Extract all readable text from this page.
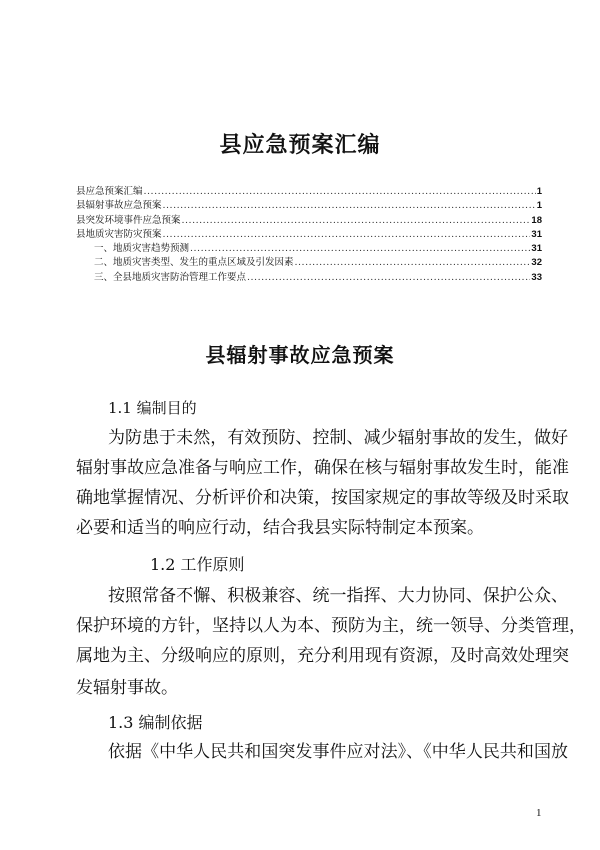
县应急预案汇编
县应急预案汇编 .....	1
县辐射事故应急预案 .....	1
县突发环境事件应急预案 .....	18
县地质灾害防灾预案 .....	31
一、地质灾害趋势预测 .....	31
二、地质灾害类型、发生的重点区域及引发因素 .....	32
三、全县地质灾害防治管理工作要点 .....	33
县辐射事故应急预案
1.1 编制目的
为防患于未然，有效预防、控制、减少辐射事故的发生，做好
辐射事故应急准备与响应工作，确保在核与辐射事故发生时，能准
确地掌握情况、分析评价和决策，按国家规定的事故等级及时采取
必要和适当的响应行动，结合我县实际特制定本预案。
1.2 工作原则
按照常备不懈、积极兼容、统一指挥、大力协同、保护公众、
保护环境的方针，坚持以人为本、预防为主，统一领导、分类管理，
属地为主、分级响应的原则，充分利用现有资源，及时高效处理突
发辐射事故。
1.3 编制依据
依据《中华人民共和国突发事件应对法》、《中华人民共和国放
1
